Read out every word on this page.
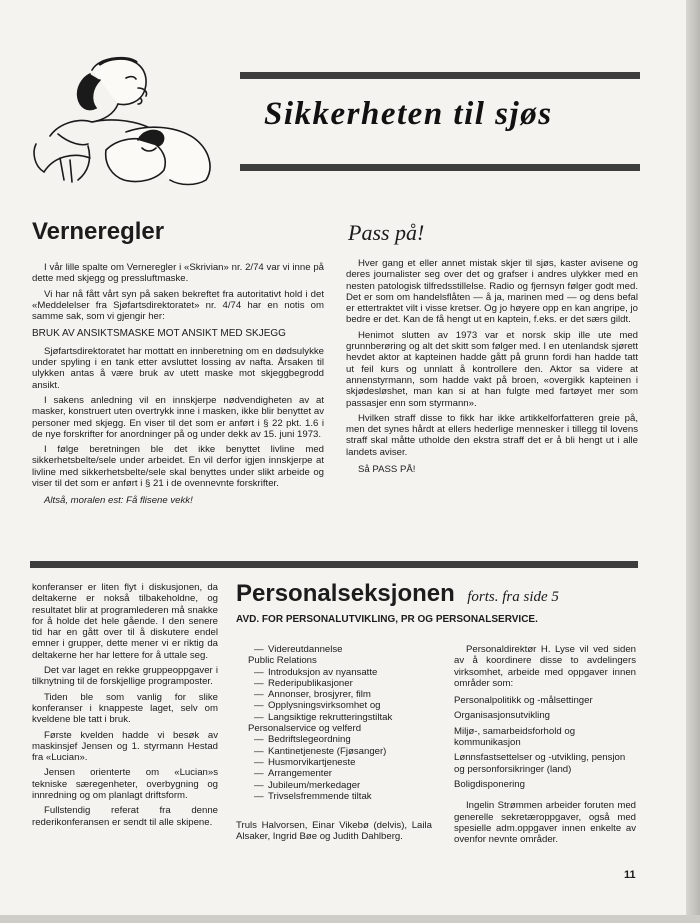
Sikkerheten til sjøs
Verneregler

I vår lille spalte om Verneregler i «Skrivian» nr. 2/74 var vi inne på dette med skjegg og pressluftmaske.

Vi har nå fått vårt syn på saken bekreftet fra autoritativt hold i det «Meddelelser fra Sjøfartsdirektoratet» nr. 4/74 har en notis om samme sak, som vi gjengir her:

BRUK AV ANSIKTSMASKE MOT ANSIKT MED SKJEGG

Sjøfartsdirektoratet har mottatt en innberetning om en dødsulykke under spyling i en tank etter avsluttet lossing av nafta. Årsaken til ulykken antas å være bruk av utett maske mot skjeggbegrodd ansikt.

I sakens anledning vil en innskjerpe nødvendigheten av at masker, konstruert uten overtrykk inne i masken, ikke blir benyttet av personer med skjegg. En viser til det som er anført i § 22 pkt. 1.6 i de nye forskrifter for anordninger på og under dekk av 15. juni 1973.

I følge beretningen ble det ikke benyttet livline med sikkerhetsbelte/sele under arbeidet. En vil derfor igjen innskjerpe at livline med sikkerhetsbelte/sele skal benyttes under slikt arbeide og viser til det som er anført i § 21 i de ovennevnte forskrifter.

Altså, moralen est: Få flisene vekk!

Pass på!

Hver gang et eller annet mistak skjer til sjøs, kaster avisene og deres journalister seg over det og grafser i andres ulykker med en nesten patologisk tilfredsstillelse. Radio og fjernsyn følger godt med. Det er som om handelsflåten — å ja, marinen med — og dens befal er ettertraktet vilt i visse kretser. Og jo høyere opp en kan angripe, jo bedre er det. Kan de få hengt ut en kaptein, f.eks. er det særs gildt.

Henimot slutten av 1973 var et norsk skip ille ute med grunnberøring og alt det skitt som følger med. I en utenlandsk sjørett hevdet aktor at kapteinen hadde gått på grunn fordi han hadde tatt ut feil kurs og unnlatt å kontrollere den. Aktor sa videre at annenstyrmann, som hadde vakt på broen, «overgikk kapteinen i skjødesløshet, man kan si at han fulgte med fartøyet mer som passasjer enn som styrmann».

Hvilken straff disse to fikk har ikke artikkelforfatteren greie på, men det synes hårdt at ellers hederlige mennesker i tillegg til lovens straff skal måtte utholde den ekstra straff det er å bli hengt ut i alle landets aviser.

Så PASS PÅ!

konferanser er liten flyt i diskusjonen, da deltakerne er nokså tilbakeholdne, og resultatet blir at programlederen må snakke for å holde det hele gående. I den senere tid har en gått over til å diskutere endel emner i grupper, dette mener vi er riktig da deltakerne her har lettere for å uttale seg.

Det var laget en rekke gruppeoppgaver i tilknytning til de forskjellige programposter.

Tiden ble som vanlig for slike konferanser i knappeste laget, selv om kveldene ble tatt i bruk.

Første kvelden hadde vi besøk av maskinsjef Jensen og 1. styrmann Hestad fra «Lucian».

Jensen orienterte om «Lucian»s tekniske særegenheter, overbygning og innredning og om planlagt driftsform.

Fullstendig referat fra denne rederikonferansen er sendt til alle skipene.

Personalseksjonen forts. fra side 5
AVD. FOR PERSONALUTVIKLING, PR OG PERSONALSERVICE.
— Videreutdannelse

Public Relations

— Introduksjon av nyansatte
— Rederipublikasjoner
— Annonser, brosjyrer, film
— Opplysningsvirksomhet og
— Langsiktige rekrutteringstiltak

Personalservice og velferd

— Bedriftslegeordning
— Kantinetjeneste (Fjøsanger)
— Husmorvikartjeneste
— Arrangementer
— Jubileum/merkedager
— Trivselsfremmende tiltak
Truls Halvorsen, Einar Vikebø (delvis), Laila Alsaker, Ingrid Bøe og Judith Dahlberg.

Personaldirektør H. Lyse vil ved siden av å koordinere disse to avdelingers virksomhet, arbeide med oppgaver innen områder som:

Personalpolitikk og -målsettinger

Organisasjonsutvikling

Miljø-, samarbeidsforhold og kommunikasjon

Lønnsfastsettelser og -utvikling, pensjon og personforsikringer (land)

Boligdisponering

Ingelin Strømmen arbeider foruten med generelle sekretæroppgaver, også med spesielle adm.oppgaver innen enkelte av ovenfor nevnte områder.

11
